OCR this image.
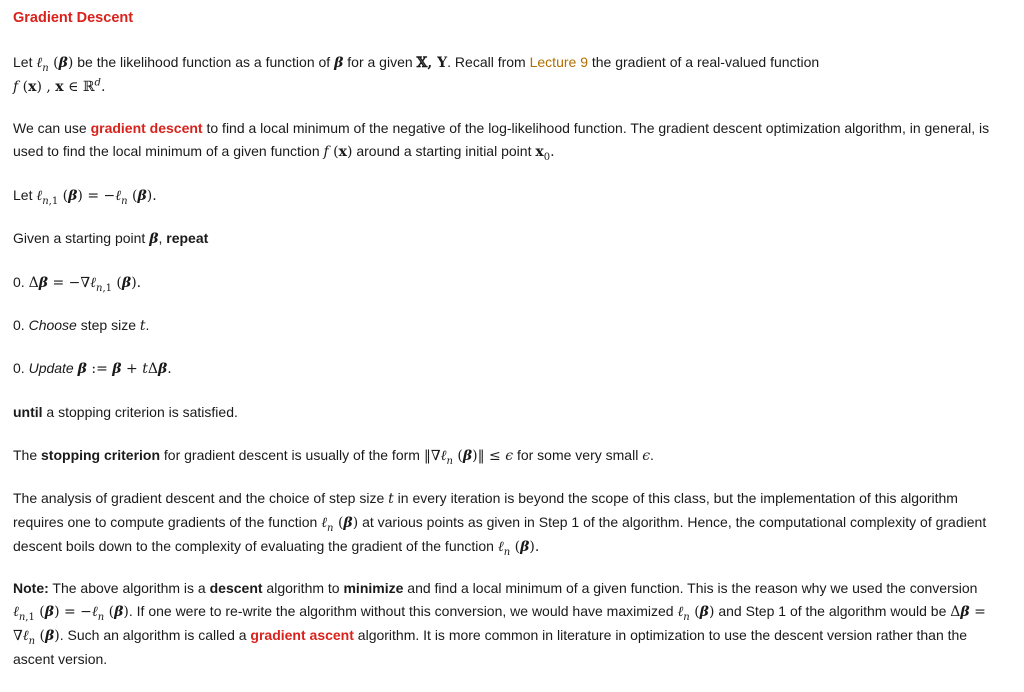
Gradient Descent

Let ℓ$_n$ (β) be the likelihood function as a function of β for a given 𝕏, Y. Recall from Lecture 9 the gradient of a real-valued function
f (x) , x ∈ ℝ$^d$.

We can use gradient descent to find a local minimum of the negative of the log-likelihood function. The gradient descent optimization algorithm, in general, is used to find the local minimum of a given function f (x) around a starting initial point $x_0$.

Let ℓ$_{n,1}$ (β) = −ℓ$_n$ (β).

Given a starting point β, repeat

0. Δβ = −∇ℓ$_{n,1}$ (β).

0. Choose step size t.

0. Update β := β + tΔβ.

until a stopping criterion is satisfied.

The stopping criterion for gradient descent is usually of the form ‖∇ℓ$_n$ (β)‖ ≤ ϵ for some very small ϵ.

The analysis of gradient descent and the choice of step size t in every iteration is beyond the scope of this class, but the implementation of this algorithm requires one to compute gradients of the function ℓ$_n$ (β) at various points as given in Step 1 of the algorithm. Hence, the computational complexity of gradient descent boils down to the complexity of evaluating the gradient of the function ℓ$_n$ (β).

Note: The above algorithm is a descent algorithm to minimize and find a local minimum of a given function. This is the reason why we used the conversion ℓ$_{n,1}$ (β) = −ℓ$_n$ (β). If one were to re-write the algorithm without this conversion, we would have maximized ℓ$_n$ (β) and Step 1 of the algorithm would be Δβ = ∇ℓ$_n$ (β). Such an algorithm is called a gradient ascent algorithm. It is more common in literature in optimization to use the descent version rather than the ascent version.
